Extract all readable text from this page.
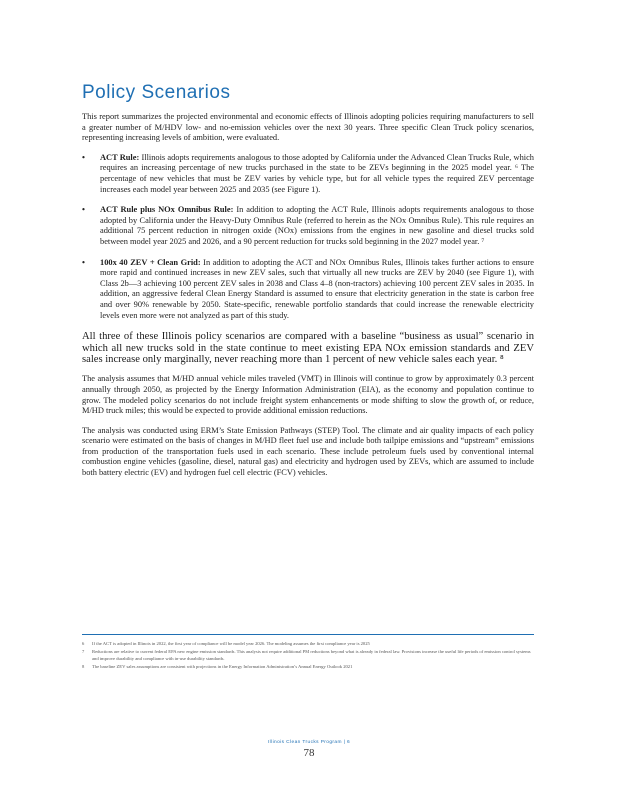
Policy Scenarios

This report summarizes the projected environmental and economic effects of Illinois adopting policies requiring manufacturers to sell a greater number of M/HDV low- and no-emission vehicles over the next 30 years. Three specific Clean Truck policy scenarios, representing increasing levels of ambition, were evaluated.

• ACT Rule: Illinois adopts requirements analogous to those adopted by California under the Advanced Clean Trucks Rule, which requires an increasing percentage of new trucks purchased in the state to be ZEVs beginning in the 2025 model year. ⁶ The percentage of new vehicles that must be ZEV varies by vehicle type, but for all vehicle types the required ZEV percentage increases each model year between 2025 and 2035 (see Figure 1).
• ACT Rule plus NOx Omnibus Rule: In addition to adopting the ACT Rule, Illinois adopts requirements analogous to those adopted by California under the Heavy-Duty Omnibus Rule (referred to herein as the NOx Omnibus Rule). This rule requires an additional 75 percent reduction in nitrogen oxide (NOx) emissions from the engines in new gasoline and diesel trucks sold between model year 2025 and 2026, and a 90 percent reduction for trucks sold beginning in the 2027 model year. ⁷
• 100x 40 ZEV + Clean Grid: In addition to adopting the ACT and NOx Omnibus Rules, Illinois takes further actions to ensure more rapid and continued increases in new ZEV sales, such that virtually all new trucks are ZEV by 2040 (see Figure 1), with Class 2b—3 achieving 100 percent ZEV sales in 2038 and Class 4–8 (non-tractors) achieving 100 percent ZEV sales in 2035. In addition, an aggressive federal Clean Energy Standard is assumed to ensure that electricity generation in the state is carbon free and over 90% renewable by 2050. State-specific, renewable portfolio standards that could increase the renewable electricity levels even more were not analyzed as part of this study.

All three of these Illinois policy scenarios are compared with a baseline “business as usual” scenario in which all new trucks sold in the state continue to meet existing EPA NOx emission standards and ZEV sales increase only marginally, never reaching more than 1 percent of new vehicle sales each year. ⁸

The analysis assumes that M/HD annual vehicle miles traveled (VMT) in Illinois will continue to grow by approximately 0.3 percent annually through 2050, as projected by the Energy Information Administration (EIA), as the economy and population continue to grow. The modeled policy scenarios do not include freight system enhancements or mode shifting to slow the growth of, or reduce, M/HD truck miles; this would be expected to provide additional emission reductions.

The analysis was conducted using ERM’s State Emission Pathways (STEP) Tool. The climate and air quality impacts of each policy scenario were estimated on the basis of changes in M/HD fleet fuel use and include both tailpipe emissions and “upstream” emissions from production of the transportation fuels used in each scenario. These include petroleum fuels used by conventional internal combustion engine vehicles (gasoline, diesel, natural gas) and electricity and hydrogen used by ZEVs, which are assumed to include both battery electric (EV) and hydrogen fuel cell electric (FCV) vehicles.

6	If the ACT is adopted in Illinois in 2022, the first year of compliance will be model year 2026. The modeling assumes the first compliance year is 2025
7	Reductions are relative to current federal EPA new engine emission standards. This analysis not require additional PM reductions beyond what is already in federal law. Provisions increase the useful life periods of emission control systems and improve durability and compliance with in-use durability standards.
8	The baseline ZEV sales assumptions are consistent with projections in the Energy Information Administration’s Annual Energy Outlook 2021
Illinois Clean Trucks Program | 6
78
